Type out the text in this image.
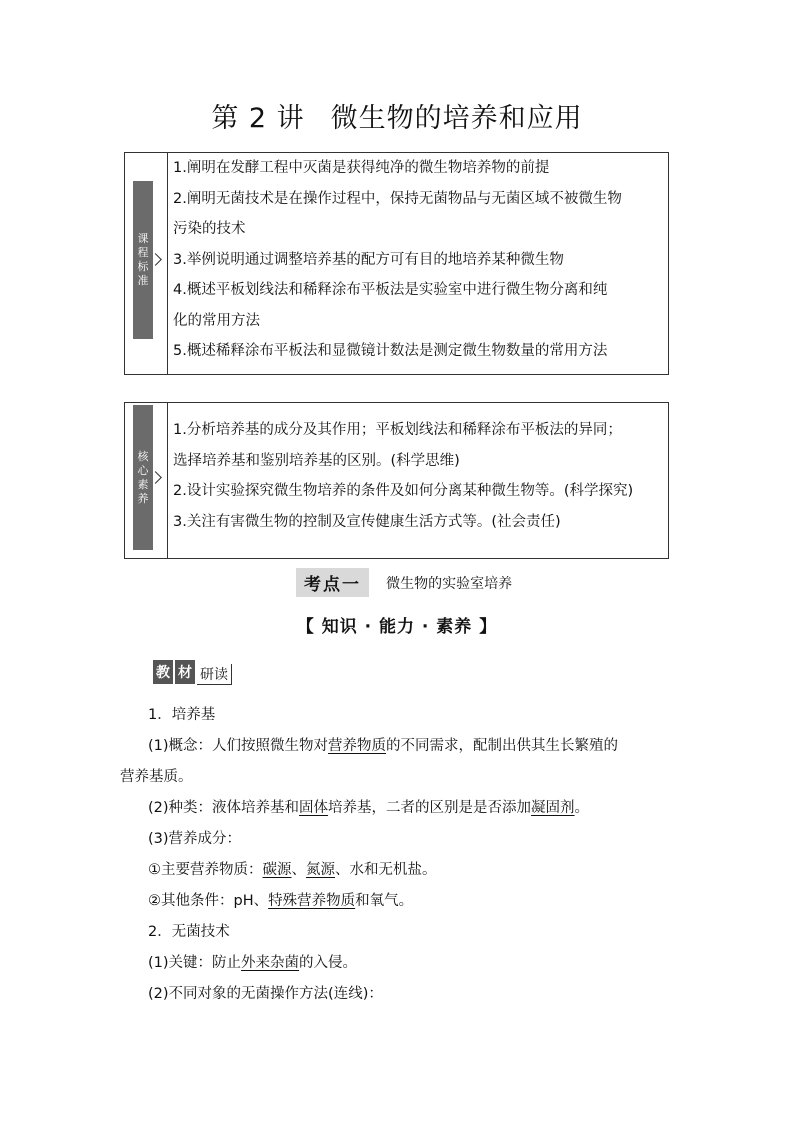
第 2 讲 微生物的培养和应用
课
程
标
准
1.阐明在发酵工程中灭菌是获得纯净的微生物培养物的前提
2.阐明无菌技术是在操作过程中，保持无菌物品与无菌区域不被微生物
污染的技术
3.举例说明通过调整培养基的配方可有目的地培养某种微生物
4.概述平板划线法和稀释涂布平板法是实验室中进行微生物分离和纯
化的常用方法
5.概述稀释涂布平板法和显微镜计数法是测定微生物数量的常用方法
核
心
素
养
1.分析培养基的成分及其作用；平板划线法和稀释涂布平板法的异同；
选择培养基和鉴别培养基的区别。(科学思维)
2.设计实验探究微生物培养的条件及如何分离某种微生物等。(科学探究)
3.关注有害微生物的控制及宣传健康生活方式等。(社会责任)
考点一 微生物的实验室培养
【 知识 · 能力 · 素养 】
教 材 研读

1．培养基

(1)概念：人们按照微生物对营养物质的不同需求，配制出供其生长繁殖的

营养基质。

(2)种类：液体培养基和固体培养基，二者的区别是是否添加凝固剂。

(3)营养成分：

①主要营养物质：碳源、氮源、水和无机盐。

②其他条件：pH、特殊营养物质和氧气。

2．无菌技术

(1)关键：防止外来杂菌的入侵。

(2)不同对象的无菌操作方法(连线)：
